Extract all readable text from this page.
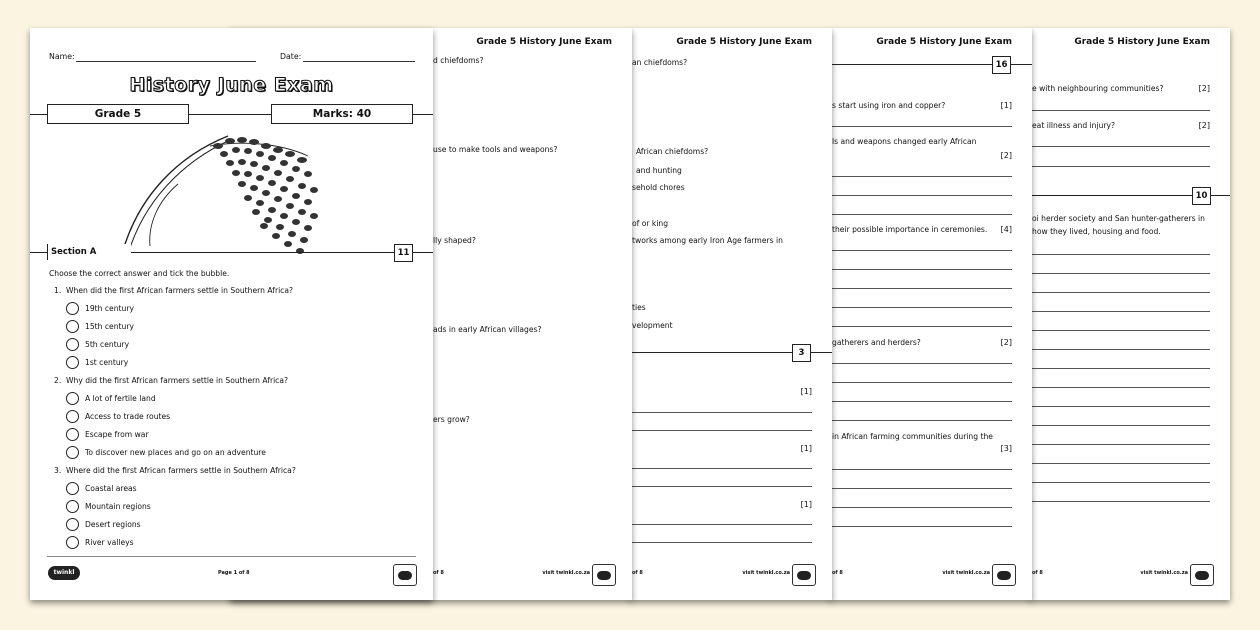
Grade 5 History June Exam
e with neighbouring communities?	[2]
eat illness and injury?	[2]
10
oi herder society and San hunter-gatherers in
how they lived, housing and food.
of 8	visit twinkl.co.za
Grade 5 History June Exam
16
s start using iron and copper?	[1]
ls and weapons changed early African
[2]
their possible importance in ceremonies. [4]
gatherers and herders?	[2]
in African farming communities during the
[3]
of 8	visit twinkl.co.za
Grade 5 History June Exam
an chiefdoms?
African chiefdoms?
and hunting
sehold chores
of or king
tworks among early Iron Age farmers in
ties
velopment
3
[1]
[1]
[1]
of 8	visit twinkl.co.za
Grade 5 History June Exam
d chiefdoms?
use to make tools and weapons?
lly shaped?
ads in early African villages?
ers grow?
of 8	visit twinkl.co.za
Name:	Date:
History June Exam
Grade 5	Marks: 40
Section A	11
Choose the correct answer and tick the bubble.
1. When did the first African farmers settle in Southern Africa?
19th century
15th century
5th century
1st century
2. Why did the first African farmers settle in Southern Africa?
A lot of fertile land
Access to trade routes
Escape from war
To discover new places and go on an adventure
3. Where did the first African farmers settle in Southern Africa?
Coastal areas
Mountain regions
Desert regions
River valleys
twinkl	Page 1 of 8
